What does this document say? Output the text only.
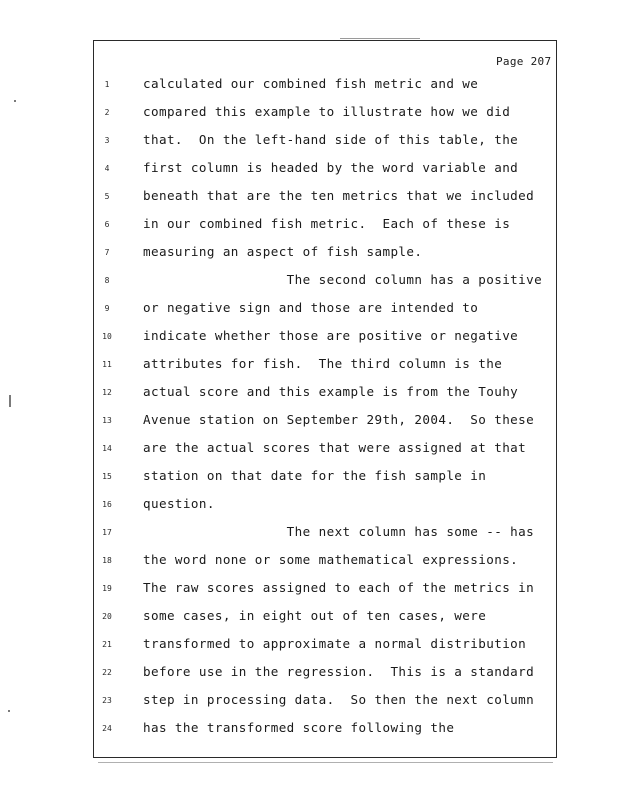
Page 207
1
2
3
4
5
6
7
8
9
10
11
12
13
14
15
16
17
18
19
20
21
22
23
24
calculated our combined fish metric and we
compared this example to illustrate how we did
that.  On the left-hand side of this table, the
first column is headed by the word variable and
beneath that are the ten metrics that we included
in our combined fish metric.  Each of these is
measuring an aspect of fish sample.
The second column has a positive
or negative sign and those are intended to
indicate whether those are positive or negative
attributes for fish.  The third column is the
actual score and this example is from the Touhy
Avenue station on September 29th, 2004.  So these
are the actual scores that were assigned at that
station on that date for the fish sample in
question.
The next column has some -- has
the word none or some mathematical expressions.
The raw scores assigned to each of the metrics in
some cases, in eight out of ten cases, were
transformed to approximate a normal distribution
before use in the regression.  This is a standard
step in processing data.  So then the next column
has the transformed score following the
